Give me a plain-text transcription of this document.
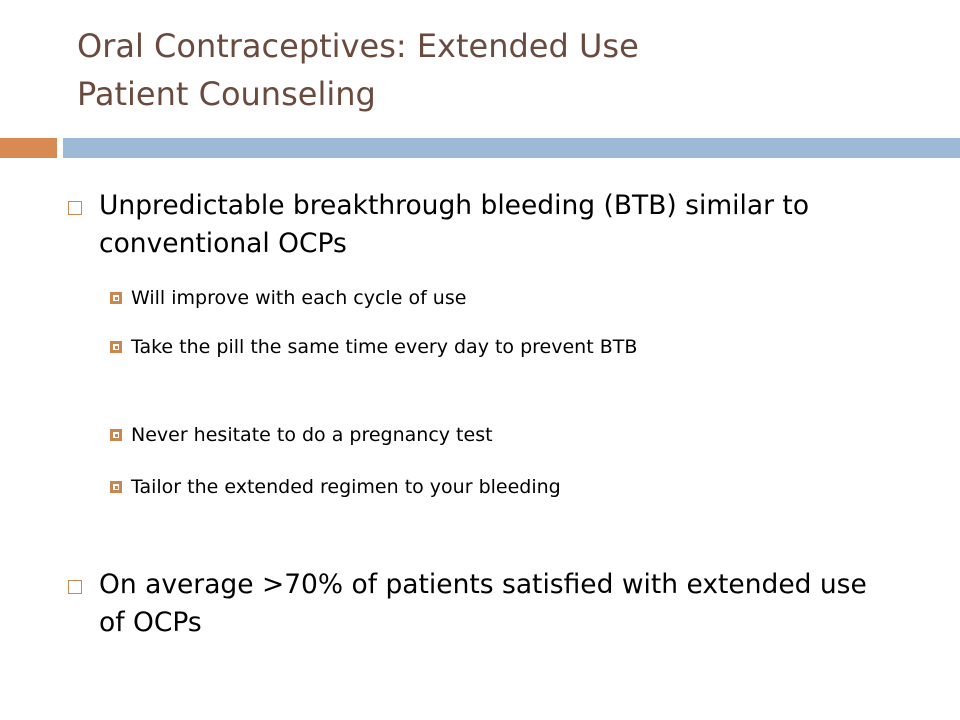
Oral Contraceptives: Extended Use
Patient Counseling
Unpredictable breakthrough bleeding (BTB) similar to conventional OCPs
Will improve with each cycle of use
Take the pill the same time every day to prevent BTB
Never hesitate to do a pregnancy test
Tailor the extended regimen to your bleeding
On average >70% of patients satisfied with extended use of OCPs
